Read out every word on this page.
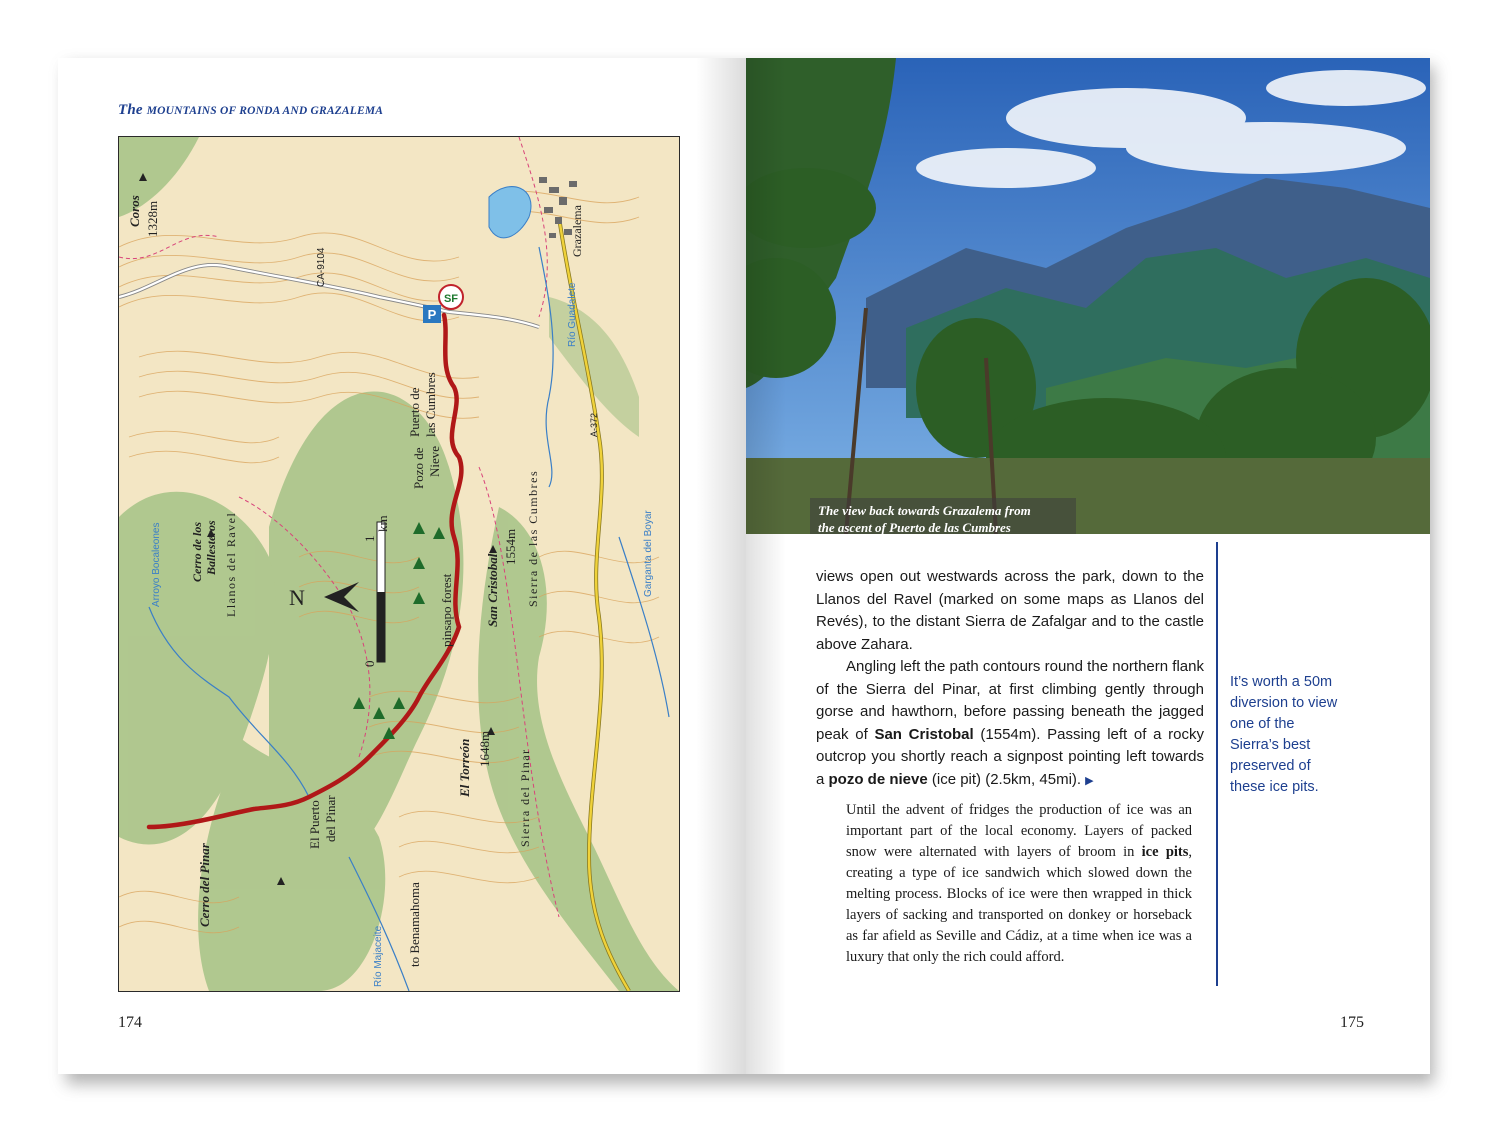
The MOUNTAINS OF RONDA AND GRAZALEMA
P
SF
N
Coros 1328m
CA-9104
Puerto de las Cumbres
Pozo de Nieve
Llanos del Ravel
Cerro de los Ballesteros
Arroyo Bocaleones
0
1
km
pinsapo forest San Cristobal
1554m Sierra de las Cumbres
El Torreón 1648m Sierra del Pinar
El Puerto del Pinar
Cerro del Pinar	to Benamahoma
Río Majaceite
Grazalema
Río Guadalete
Garganta del Boyar
A-372
174
The view back towards Grazalema from
the ascent of Puerto de las Cumbres

views open out westwards across the park, down to the Llanos del Ravel (marked on some maps as Llanos del Revés), to the distant Sierra de Zafalgar and to the castle above Zahara.

Angling left the path contours round the northern flank of the Sierra del Pinar, at first climbing gently through gorse and hawthorn, before passing beneath the jagged peak of San Cristobal (1554m). Passing left of a rocky outcrop you shortly reach a signpost pointing left towards a pozo de nieve (ice pit) (2.5km, 45mi). ▶

It’s worth a 50m diversion to view one of the Sierra’s best preserved of these ice pits.
Until the advent of fridges the production of ice was an important part of the local economy. Layers of packed snow were alternated with layers of broom in ice pits, creating a type of ice sandwich which slowed down the melting process. Blocks of ice were then wrapped in thick layers of sacking and transported on donkey or horseback as far afield as Seville and Cádiz, at a time when ice was a luxury that only the rich could afford.
175
